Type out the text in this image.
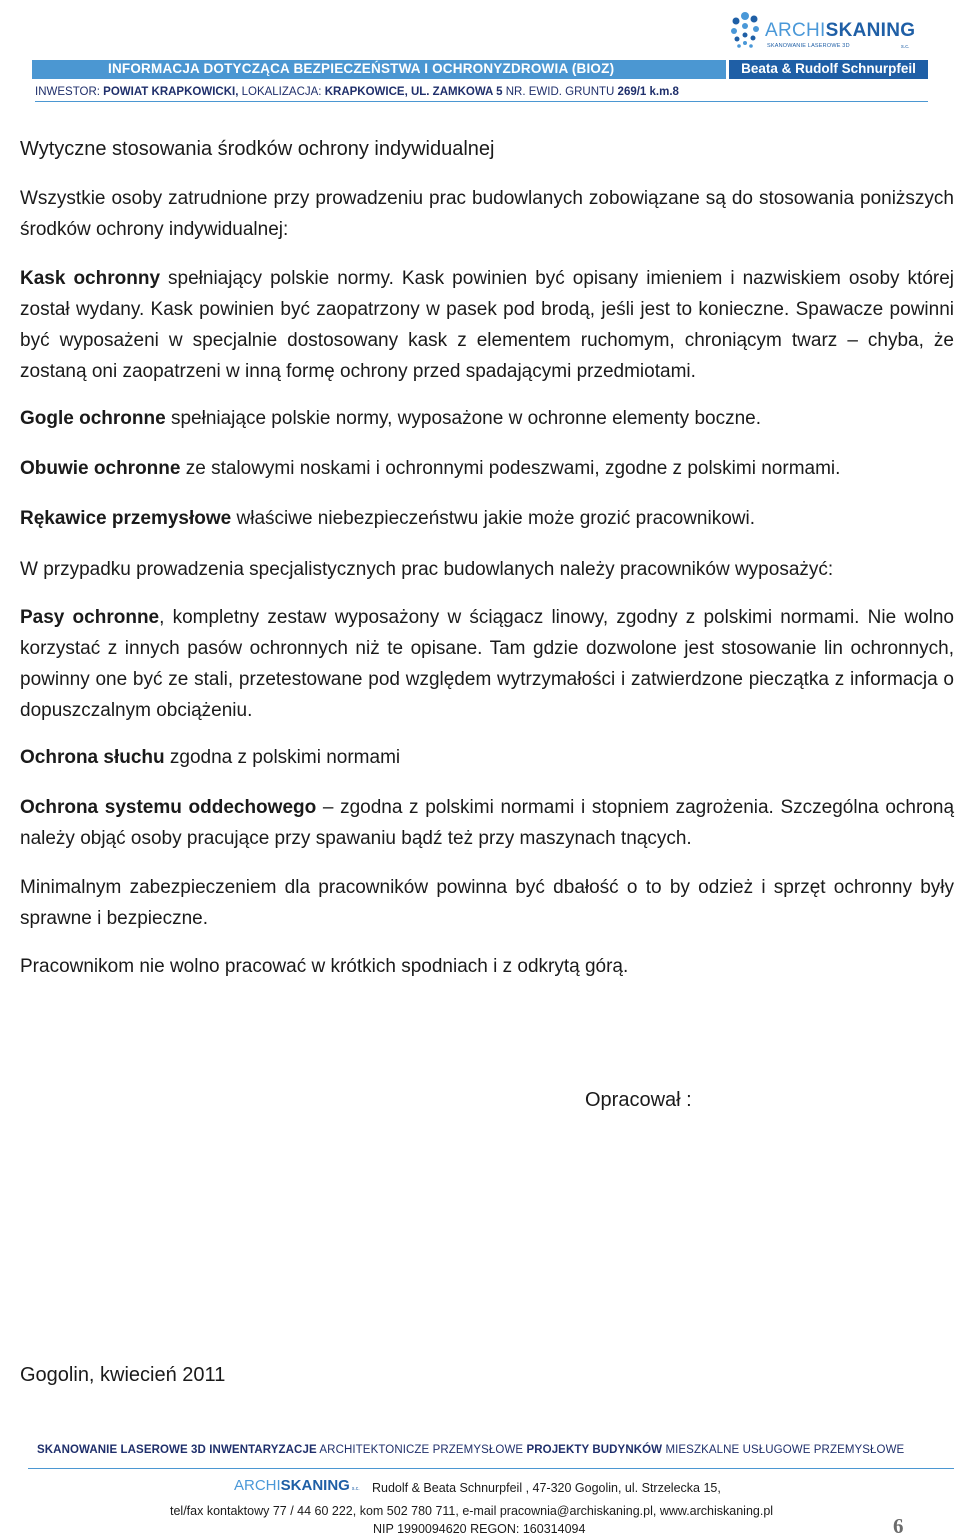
ARCHISKANING
SKANOWANIE LASEROWE 3D	s.c.
INFORMACJA DOTYCZĄCA BEZPIECZEŃSTWA I OCHRONYZDROWIA (BIOZ)	Beata & Rudolf Schnurpfeil
INWESTOR: POWIAT KRAPKOWICKI, LOKALIZACJA: KRAPKOWICE, UL. ZAMKOWA 5 NR. EWID. GRUNTU 269/1 k.m.8
Wytyczne stosowania środków ochrony indywidualnej
Wszystkie osoby zatrudnione przy prowadzeniu prac budowlanych zobowiązane są do stosowania poniższych środków ochrony indywidualnej:
Kask ochronny spełniający polskie normy. Kask powinien być opisany imieniem i nazwiskiem osoby której został wydany. Kask powinien być zaopatrzony w pasek pod brodą, jeśli jest to konieczne. Spawacze powinni być wyposażeni w specjalnie dostosowany kask z elementem ruchomym, chroniącym twarz – chyba, że zostaną oni zaopatrzeni w inną formę ochrony przed spadającymi przedmiotami.
Gogle ochronne spełniające polskie normy, wyposażone w ochronne elementy boczne.
Obuwie ochronne ze stalowymi noskami i ochronnymi podeszwami, zgodne z polskimi normami.
Rękawice przemysłowe właściwe niebezpieczeństwu jakie może grozić pracownikowi.
W przypadku prowadzenia specjalistycznych prac budowlanych należy pracowników wyposażyć:
Pasy ochronne, kompletny zestaw wyposażony w ściągacz linowy, zgodny z polskimi normami. Nie wolno korzystać z innych pasów ochronnych niż te opisane. Tam gdzie dozwolone jest stosowanie lin ochronnych, powinny one być ze stali, przetestowane pod względem wytrzymałości i zatwierdzone pieczątka z informacja o dopuszczalnym obciążeniu.
Ochrona słuchu zgodna z polskimi normami
Ochrona systemu oddechowego – zgodna z polskimi normami i stopniem zagrożenia. Szczególna ochroną należy objąć osoby pracujące przy spawaniu bądź też przy maszynach tnących.
Minimalnym zabezpieczeniem dla pracowników powinna być dbałość o to by odzież i sprzęt ochronny były sprawne i bezpieczne.
Pracownikom nie wolno pracować w krótkich spodniach i z odkrytą górą.
Opracował :
Gogolin, kwiecień 2011
SKANOWANIE LASEROWE 3D INWENTARYZACJE ARCHITEKTONICZE PRZEMYSŁOWE PROJEKTY BUDYNKÓW MIESZKALNE USŁUGOWE PRZEMYSŁOWE
ARCHISKANING s.c. Rudolf & Beata Schnurpfeil , 47-320 Gogolin, ul. Strzelecka 15,
tel/fax kontaktowy 77 / 44 60 222, kom 502 780 711, e-mail pracownia@archiskaning.pl, www.archiskaning.pl
NIP 1990094620 REGON: 160314094	6
